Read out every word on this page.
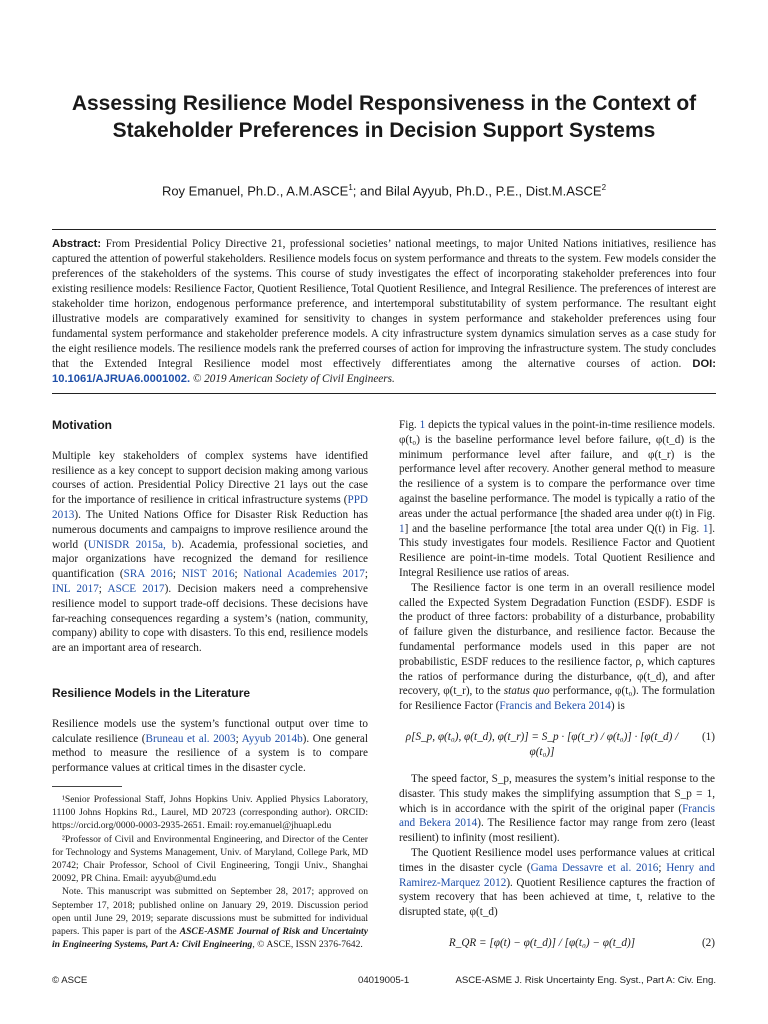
Assessing Resilience Model Responsiveness in the Context of Stakeholder Preferences in Decision Support Systems
Roy Emanuel, Ph.D., A.M.ASCE$^1$; and Bilal Ayyub, Ph.D., P.E., Dist.M.ASCE$^2$
Abstract: From Presidential Policy Directive 21, professional societies’ national meetings, to major United Nations initiatives, resilience has captured the attention of powerful stakeholders. Resilience models focus on system performance and threats to the system. Few models consider the preferences of the stakeholders of the systems. This course of study investigates the effect of incorporating stakeholder preferences into four existing resilience models: Resilience Factor, Quotient Resilience, Total Quotient Resilience, and Integral Resilience. The preferences of interest are stakeholder time horizon, endogenous performance preference, and intertemporal substitutability of system performance. The resultant eight illustrative models are comparatively examined for sensitivity to changes in system performance and stakeholder preferences using four fundamental system performance and stakeholder preference models. A city infrastructure system dynamics simulation serves as a case study for the eight resilience models. The resilience models rank the preferred courses of action for improving the infrastructure system. The study concludes that the Extended Integral Resilience model most effectively differentiates among the alternative courses of action. DOI: 10.1061/AJRUA6.0001002. © 2019 American Society of Civil Engineers.
Motivation

Multiple key stakeholders of complex systems have identified resilience as a key concept to support decision making among various courses of action. Presidential Policy Directive 21 lays out the case for the importance of resilience in critical infrastructure systems (PPD 2013). The United Nations Office for Disaster Risk Reduction has numerous documents and campaigns to improve resilience around the world (UNISDR 2015a, b). Academia, professional societies, and major organizations have recognized the demand for resilience quantification (SRA 2016; NIST 2016; National Academies 2017; INL 2017; ASCE 2017). Decision makers need a comprehensive resilience model to support trade-off decisions. These decisions have far-reaching consequences regarding a system’s (nation, community, company) ability to cope with disasters. To this end, resilience models are an important area of research.

Resilience Models in the Literature

Resilience models use the system’s functional output over time to calculate resilience (Bruneau et al. 2003; Ayyub 2014b). One general method to measure the resilience of a system is to compare performance values at critical times in the disaster cycle.

¹Senior Professional Staff, Johns Hopkins Univ. Applied Physics Laboratory, 11100 Johns Hopkins Rd., Laurel, MD 20723 (corresponding author). ORCID: https://orcid.org/0000-0003-2935-2651. Email: roy.emanuel@jhuapl.edu

²Professor of Civil and Environmental Engineering, and Director of the Center for Technology and Systems Management, Univ. of Maryland, College Park, MD 20742; Chair Professor, School of Civil Engineering, Tongji Univ., Shanghai 20092, PR China. Email: ayyub@umd.edu

Note. This manuscript was submitted on September 28, 2017; approved on September 17, 2018; published online on January 29, 2019. Discussion period open until June 29, 2019; separate discussions must be submitted for individual papers. This paper is part of the ASCE-ASME Journal of Risk and Uncertainty in Engineering Systems, Part A: Civil Engineering, © ASCE, ISSN 2376-7642.

Fig. 1 depicts the typical values in the point-in-time resilience models. φ(t₀) is the baseline performance level before failure, φ(t_d) is the minimum performance level after failure, and φ(t_r) is the performance level after recovery. Another general method to measure the resilience of a system is to compare the performance over time against the baseline performance. The model is typically a ratio of the areas under the actual performance [the shaded area under φ(t) in Fig. 1] and the baseline performance [the total area under Q(t) in Fig. 1]. This study investigates four models. Resilience Factor and Quotient Resilience are point-in-time models. Total Quotient Resilience and Integral Resilience use ratios of areas.

The Resilience factor is one term in an overall resilience model called the Expected System Degradation Function (ESDF). ESDF is the product of three factors: probability of a disturbance, probability of failure given the disturbance, and resilience factor. Because the fundamental performance models used in this paper are not probabilistic, ESDF reduces to the resilience factor, ρ, which captures the ratios of performance during the disturbance, φ(t_d), and after recovery, φ(t_r), to the status quo performance, φ(t₀). The formulation for Resilience Factor (Francis and Bekera 2014) is

ρ[S_p, φ(t₀), φ(t_d), φ(t_r)] = S_p · [φ(t_r) / φ(t₀)] · [φ(t_d) / φ(t₀)]
(1)

The speed factor, S_p, measures the system’s initial response to the disaster. This study makes the simplifying assumption that S_p = 1, which is in accordance with the spirit of the original paper (Francis and Bekera 2014). The Resilience factor may range from zero (least resilient) to infinity (most resilient).

The Quotient Resilience model uses performance values at critical times in the disaster cycle (Gama Dessavre et al. 2016; Henry and Ramirez-Marquez 2012). Quotient Resilience captures the fraction of system recovery that has been achieved at time, t, relative to the disrupted state, φ(t_d)

R_QR = [φ(t) − φ(t_d)] / [φ(t₀) − φ(t_d)]	(2)
© ASCE	04019005-1	ASCE-ASME J. Risk Uncertainty Eng. Syst., Part A: Civ. Eng.
